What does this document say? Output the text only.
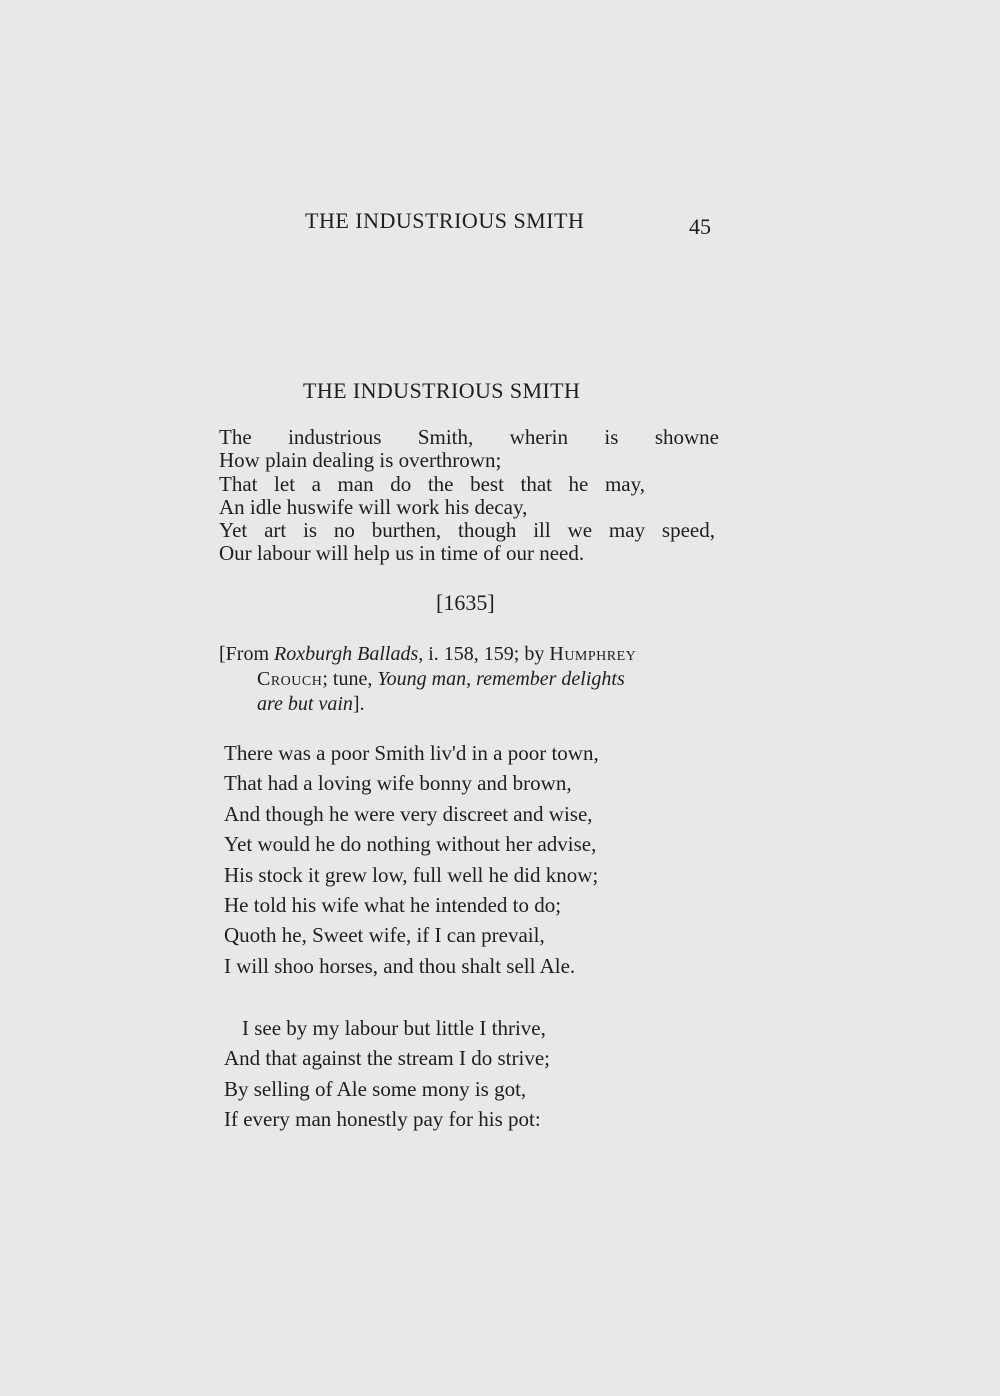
THE INDUSTRIOUS SMITH	45
THE INDUSTRIOUS SMITH
The industrious Smith, wherin is showne
How plain dealing is overthrown;
That let a man do the best that he may,
An idle huswife will work his decay,
Yet art is no burthen, though ill we may speed,
Our labour will help us in time of our need.
[1635]
[From Roxburgh Ballads, i. 158, 159; by Humphrey
Crouch; tune, Young man, remember delights
are but vain].
There was a poor Smith liv'd in a poor town,
That had a loving wife bonny and brown,
And though he were very discreet and wise,
Yet would he do nothing without her advise,
His stock it grew low, full well he did know;
He told his wife what he intended to do;
Quoth he, Sweet wife, if I can prevail,
I will shoo horses, and thou shalt sell Ale.
I see by my labour but little I thrive,
And that against the stream I do strive;
By selling of Ale some mony is got,
If every man honestly pay for his pot:
